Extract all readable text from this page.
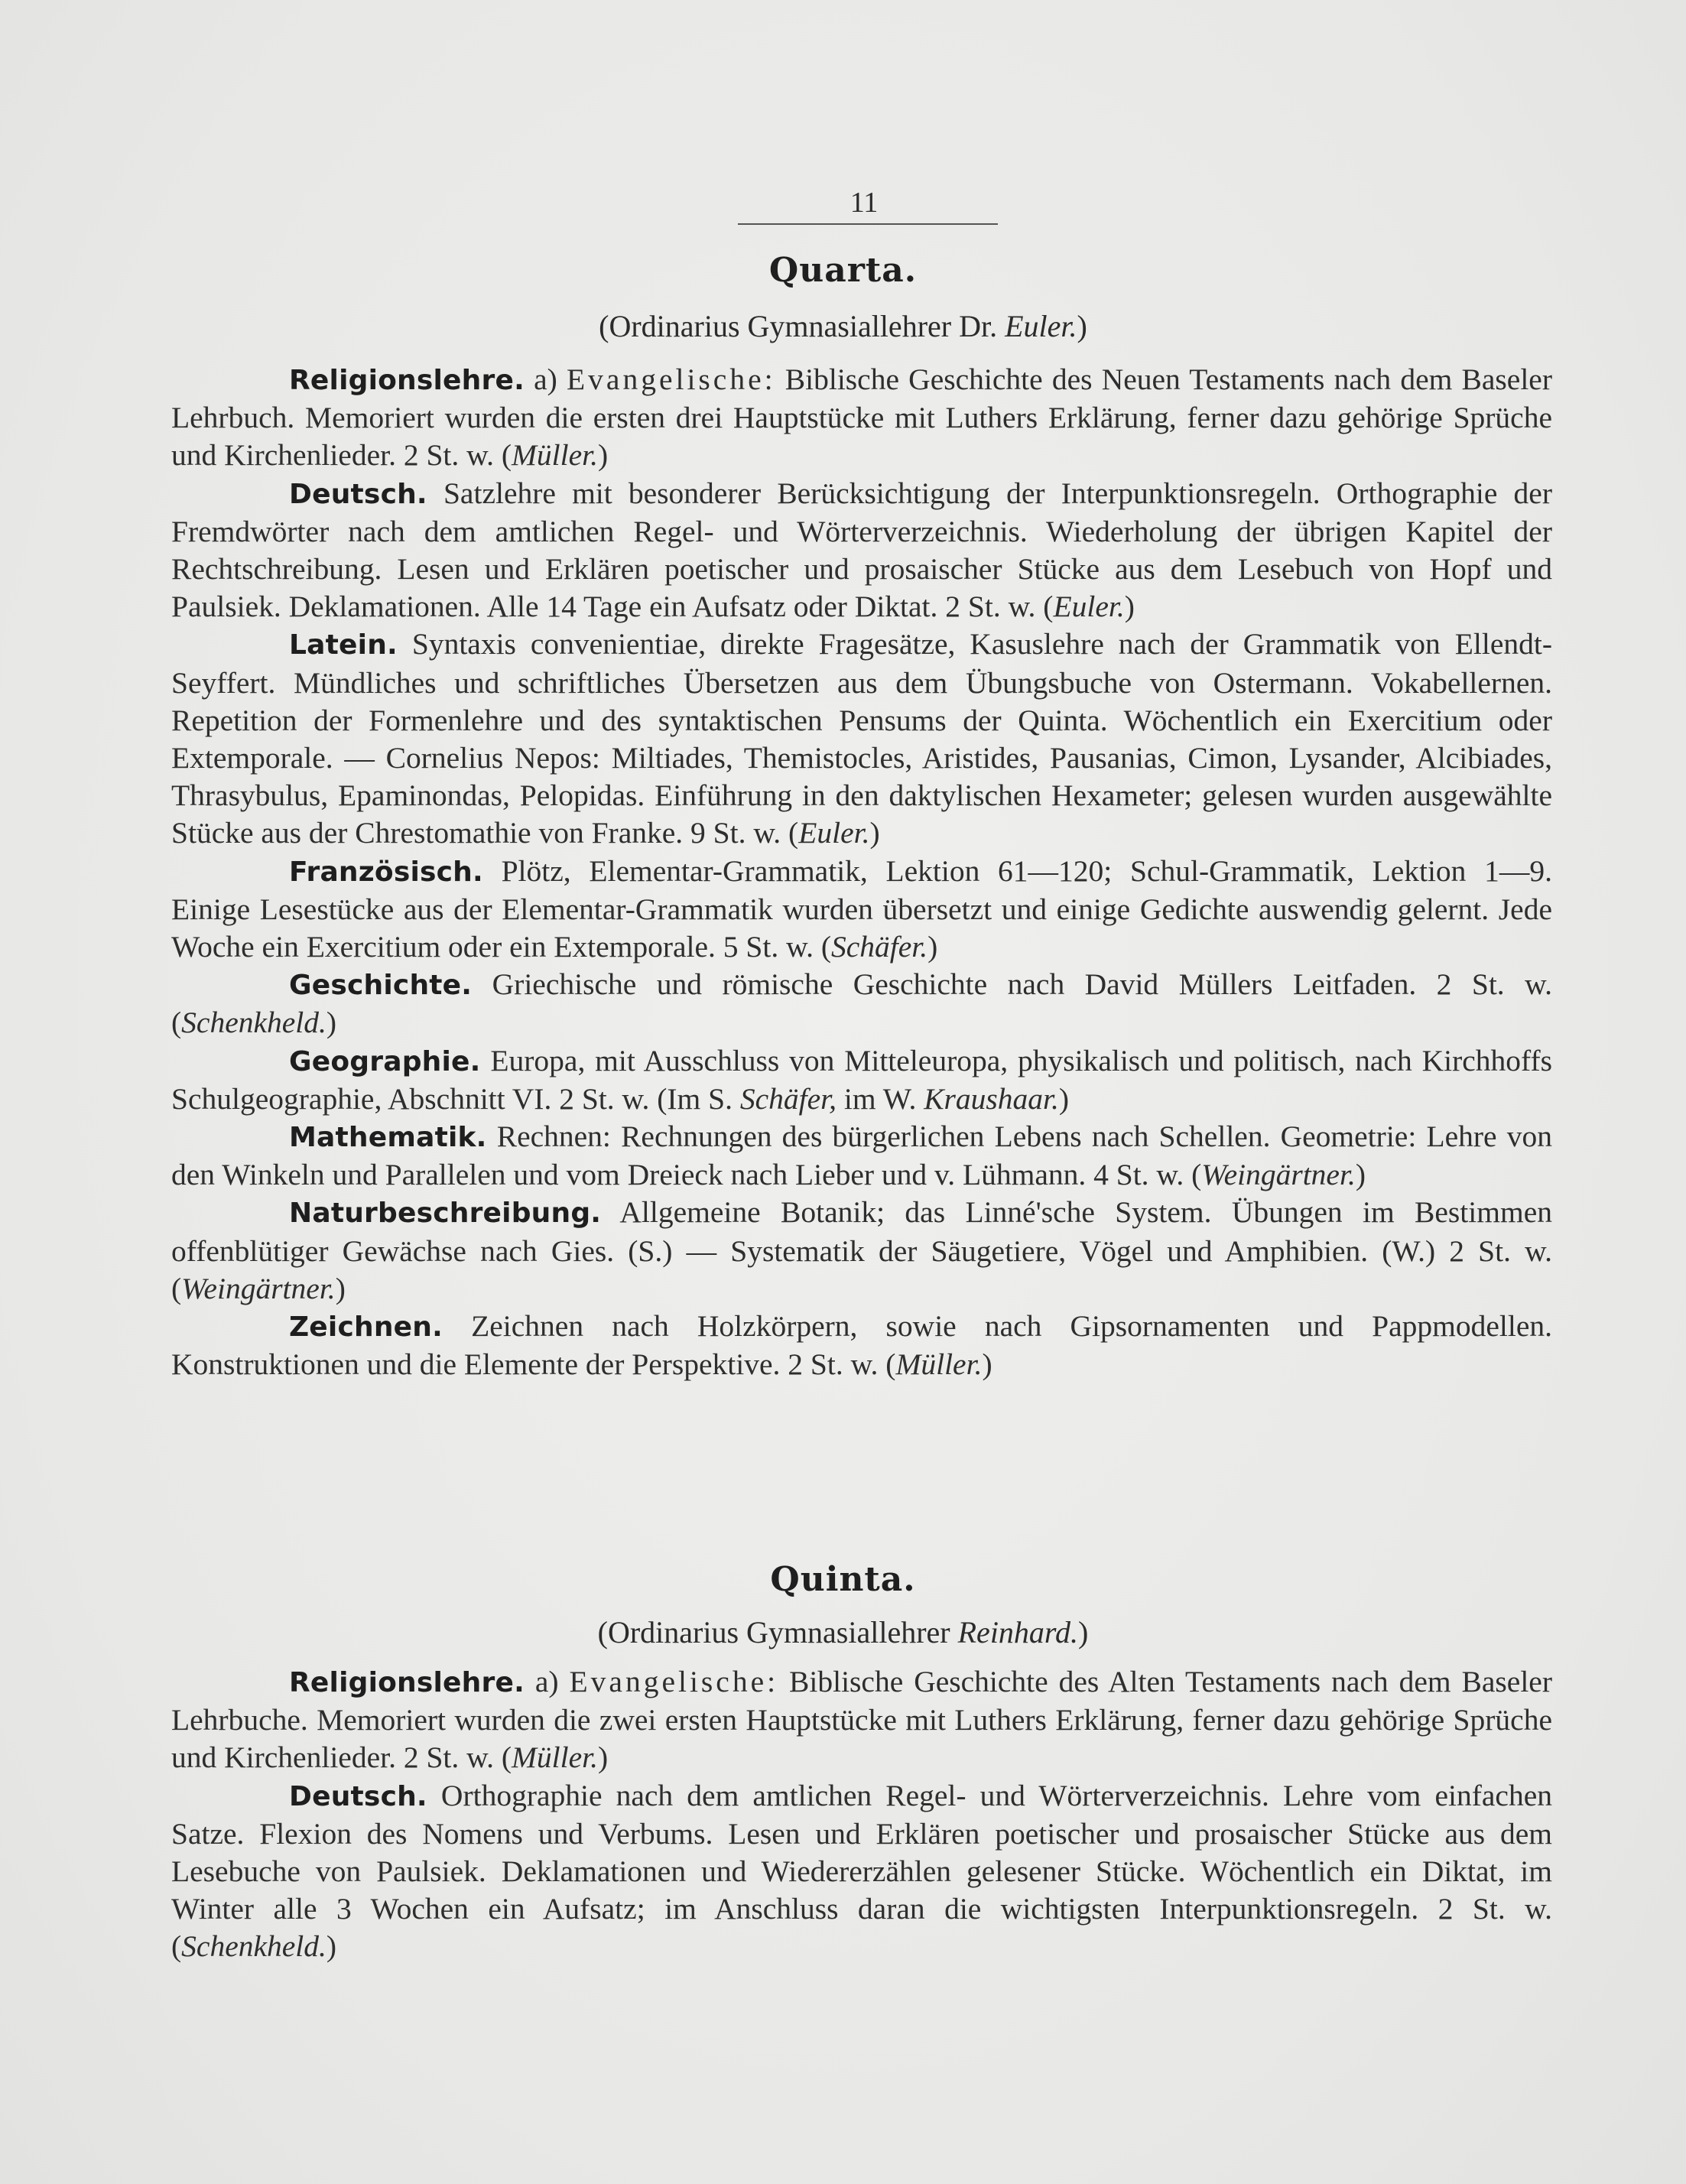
11
Quarta.
(Ordinarius Gymnasiallehrer Dr. Euler.)

Religionslehre. a) Evangelische: Biblische Geschichte des Neuen Testaments nach dem Baseler Lehrbuch. Memoriert wurden die ersten drei Hauptstücke mit Luthers Erklärung, ferner dazu gehörige Sprüche und Kirchenlieder. 2 St. w. (Müller.)

Deutsch. Satzlehre mit besonderer Berücksichtigung der Interpunktionsregeln. Orthographie der Fremdwörter nach dem amtlichen Regel- und Wörterverzeichnis. Wiederholung der übrigen Kapitel der Rechtschreibung. Lesen und Erklären poetischer und prosaischer Stücke aus dem Lesebuch von Hopf und Paulsiek. Deklamationen. Alle 14 Tage ein Aufsatz oder Diktat. 2 St. w. (Euler.)

Latein. Syntaxis convenientiae, direkte Fragesätze, Kasuslehre nach der Grammatik von Ellendt-Seyffert. Mündliches und schriftliches Übersetzen aus dem Übungsbuche von Ostermann. Vokabellernen. Repetition der Formenlehre und des syntaktischen Pensums der Quinta. Wöchentlich ein Exercitium oder Extemporale. — Cornelius Nepos: Miltiades, Themistocles, Aristides, Pausanias, Cimon, Lysander, Alcibiades, Thrasybulus, Epaminondas, Pelopidas. Einführung in den daktylischen Hexameter; gelesen wurden ausgewählte Stücke aus der Chrestomathie von Franke. 9 St. w. (Euler.)

Französisch. Plötz, Elementar-Grammatik, Lektion 61—120; Schul-Grammatik, Lektion 1—9. Einige Lesestücke aus der Elementar-Grammatik wurden übersetzt und einige Gedichte auswendig gelernt. Jede Woche ein Exercitium oder ein Extemporale. 5 St. w. (Schäfer.)

Geschichte. Griechische und römische Geschichte nach David Müllers Leitfaden. 2 St. w. (Schenkheld.)

Geographie. Europa, mit Ausschluss von Mitteleuropa, physikalisch und politisch, nach Kirchhoffs Schulgeographie, Abschnitt VI. 2 St. w. (Im S. Schäfer, im W. Kraushaar.)

Mathematik. Rechnen: Rechnungen des bürgerlichen Lebens nach Schellen. Geometrie: Lehre von den Winkeln und Parallelen und vom Dreieck nach Lieber und v. Lühmann. 4 St. w. (Weingärtner.)

Naturbeschreibung. Allgemeine Botanik; das Linné'sche System. Übungen im Bestimmen offenblütiger Gewächse nach Gies. (S.) — Systematik der Säugetiere, Vögel und Amphibien. (W.) 2 St. w. (Weingärtner.)

Zeichnen. Zeichnen nach Holzkörpern, sowie nach Gipsornamenten und Pappmodellen. Konstruktionen und die Elemente der Perspektive. 2 St. w. (Müller.)

Quinta.
(Ordinarius Gymnasiallehrer Reinhard.)

Religionslehre. a) Evangelische: Biblische Geschichte des Alten Testaments nach dem Baseler Lehrbuche. Memoriert wurden die zwei ersten Hauptstücke mit Luthers Erklärung, ferner dazu gehörige Sprüche und Kirchenlieder. 2 St. w. (Müller.)

Deutsch. Orthographie nach dem amtlichen Regel- und Wörterverzeichnis. Lehre vom einfachen Satze. Flexion des Nomens und Verbums. Lesen und Erklären poetischer und prosaischer Stücke aus dem Lesebuche von Paulsiek. Deklamationen und Wiedererzählen gelesener Stücke. Wöchentlich ein Diktat, im Winter alle 3 Wochen ein Aufsatz; im Anschluss daran die wichtigsten Interpunktionsregeln. 2 St. w. (Schenkheld.)
